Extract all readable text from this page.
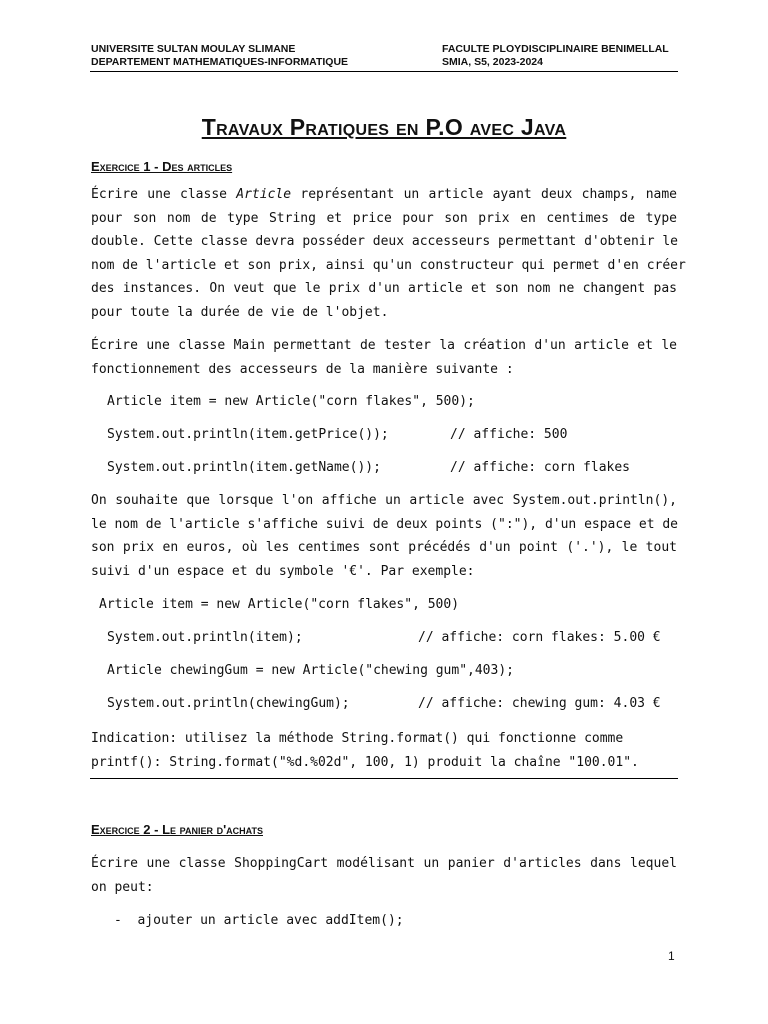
UNIVERSITE SULTAN MOULAY SLIMANE
DEPARTEMENT MATHEMATIQUES-INFORMATIQUE
FACULTE PLOYDISCIPLINAIRE BENIMELLAL
SMIA, S5, 2023-2024
Travaux Pratiques en P.O avec Java
Exercice 1 - Des articles
Écrire une classe Article représentant un article ayant deux champs, name
pour son nom de type String et price pour son prix en centimes de type
double. Cette classe devra posséder deux accesseurs permettant d'obtenir le
nom de l'article et son prix, ainsi qu'un constructeur qui permet d'en créer
des instances. On veut que le prix d'un article et son nom ne changent pas
pour toute la durée de vie de l'objet.
Écrire une classe Main permettant de tester la création d'un article et le
fonctionnement des accesseurs de la manière suivante :
Article item = new Article("corn flakes", 500);
System.out.println(item.getPrice());	// affiche: 500
System.out.println(item.getName());	// affiche: corn flakes
On souhaite que lorsque l'on affiche un article avec System.out.println(),
le nom de l'article s'affiche suivi de deux points (":"), d'un espace et de
son prix en euros, où les centimes sont précédés d'un point ('.'), le tout
suivi d'un espace et du symbole '€'. Par exemple:
Article item = new Article("corn flakes", 500)
System.out.println(item);	// affiche: corn flakes: 5.00 €
Article chewingGum = new Article("chewing gum",403);
System.out.println(chewingGum);	// affiche: chewing gum: 4.03 €
Indication: utilisez la méthode String.format() qui fonctionne comme
printf(): String.format("%d.%02d", 100, 1) produit la chaîne "100.01".
Exercice 2 - Le panier d'achats
Écrire une classe ShoppingCart modélisant un panier d'articles dans lequel
on peut:
- ajouter un article avec addItem();
1
